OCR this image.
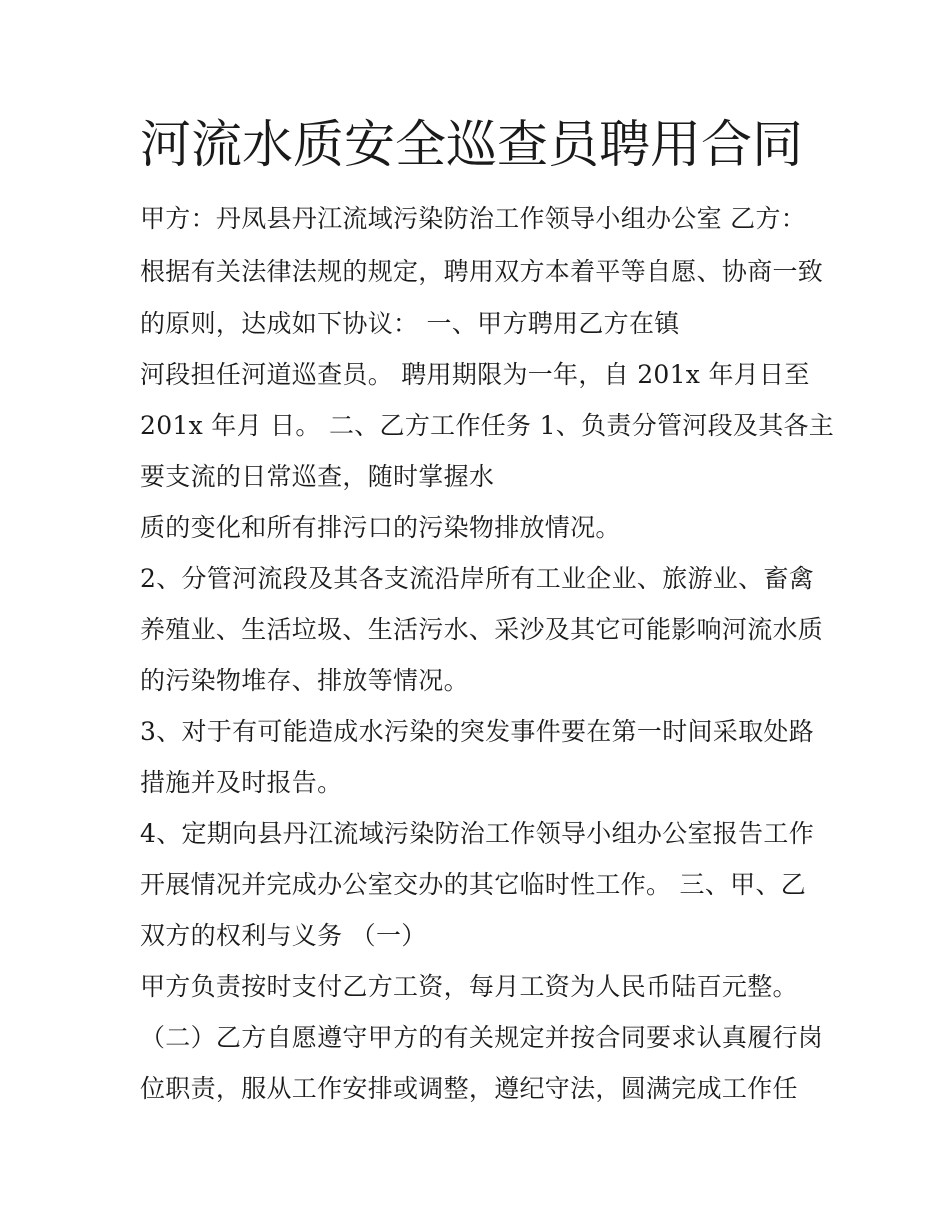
河流水质安全巡查员聘用合同
甲方：丹凤县丹江流域污染防治工作领导小组办公室 乙方：
根据有关法律法规的规定，聘用双方本着平等自愿、协商一致
的原则，达成如下协议： 一、甲方聘用乙方在镇
河段担任河道巡查员。 聘用期限为一年，自 201x 年月日至
201x 年月 日。 二、乙方工作任务 1、负责分管河段及其各主
要支流的日常巡查，随时掌握水
质的变化和所有排污口的污染物排放情况。
2、分管河流段及其各支流沿岸所有工业企业、旅游业、畜禽
养殖业、生活垃圾、生活污水、采沙及其它可能影响河流水质
的污染物堆存、排放等情况。
3、对于有可能造成水污染的突发事件要在第一时间采取处路
措施并及时报告。
4、定期向县丹江流域污染防治工作领导小组办公室报告工作
开展情况并完成办公室交办的其它临时性工作。 三、甲、乙
双方的权利与义务 （一）
甲方负责按时支付乙方工资，每月工资为人民币陆百元整。
（二）乙方自愿遵守甲方的有关规定并按合同要求认真履行岗
位职责，服从工作安排或调整，遵纪守法，圆满完成工作任
